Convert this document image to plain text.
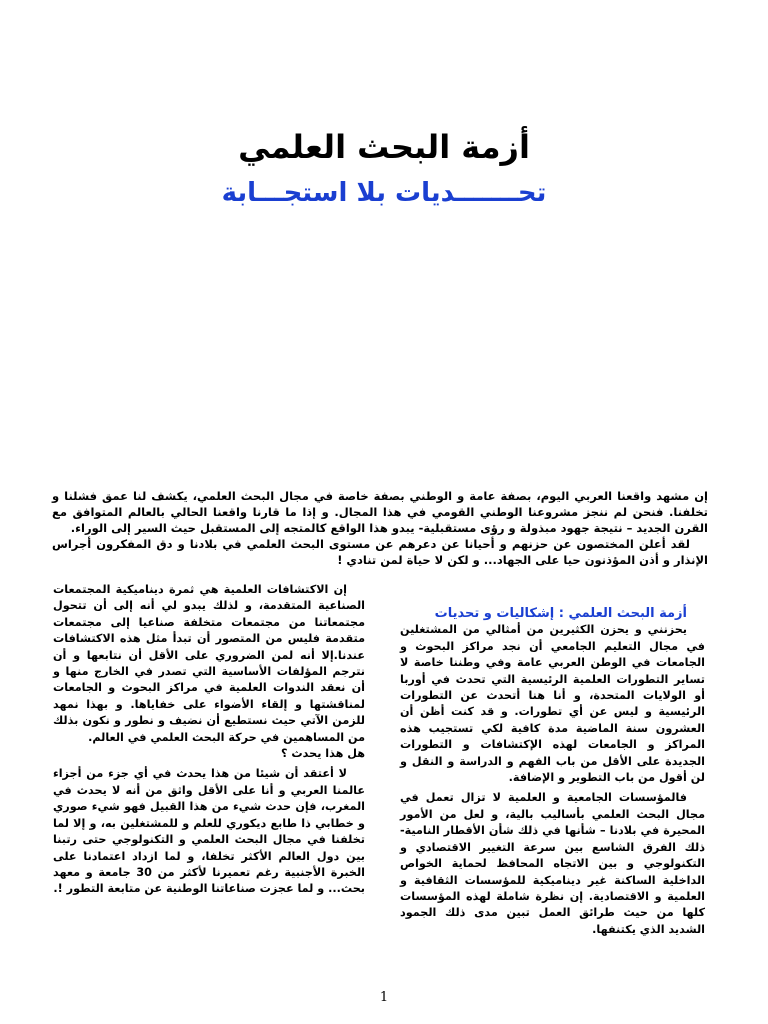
أزمة البحث العلمي
تحـــــــديات بلا استجـــابة

إن مشهد واقعنا العربي اليوم، بصفة عامة و الوطني بصفة خاصة في مجال البحث العلمي، يكشف لنا عمق فشلنا و تخلفنا. فنحن لم ننجز مشروعنا الوطني القومي في هذا المجال. و إذا ما قارنا واقعنا الحالي بالعالم المتوافق مع القرن الجديد – نتيجة جهود مبذولة و رؤى مستقبلية- يبدو هذا الواقع كالمتجه إلى المستقبل حيث السير إلى الوراء.

لقد أعلن المختصون عن حزنهم و أحيانا عن دعرهم عن مستوى البحث العلمي في بلادنا و دق المفكرون أجراس الإنذار و أذن المؤذنون حيا على الجهاد... و لكن لا حياة لمن تنادي !

أزمة البحث العلمي : إشكاليات و تحديات

يحزنني و يحزن الكثيرين من أمثالي من المشتغلين في مجال التعليم الجامعي أن نجد مراكز البحوث و الجامعات في الوطن العربي عامة وفي وطننا خاصة لا تساير التطورات العلمية الرئيسية التي تحدث في أوربا أو الولايات المتحدة، و أنا هنا أتحدث عن التطورات الرئيسية و ليس عن أي تطورات. و قد كنت أظن أن العشرون سنة الماضية مدة كافية لكي تستجيب هذه المراكز و الجامعات لهذه الإكتشافات و التطورات الجديدة على الأقل من باب الفهم و الدراسة و النقل و لن أقول من باب التطوير و الإضافة.

فالمؤسسات الجامعية و العلمية لا تزال تعمل في مجال البحث العلمي بأساليب بالية، و لعل من الأمور المحيرة في بلادنا – شأنها في ذلك شأن الأقطار النامية- ذلك الفرق الشاسع بين سرعة التغيير الاقتصادي و التكنولوجي و بين الاتجاه المحافظ لحماية الخواص الداخلية الساكنة غير ديناميكية للمؤسسات الثقافية و العلمية و الاقتصادية. إن نظرة شاملة لهذه المؤسسات كلها من حيث طرائق العمل تبين مدى ذلك الجمود الشديد الذي يكتنفها.

إن الاكتشافات العلمية هي ثمرة ديناميكية المجتمعات الصناعية المتقدمة، و لذلك يبدو لي أنه إلى أن تتحول مجتمعاتنا من مجتمعات متخلفة صناعيا إلى مجتمعات متقدمة فليس من المتصور أن تبدأ مثل هذه الاكتشافات عندنا.إلا أنه لمن الضروري على الأقل أن نتابعها و أن نترجم المؤلفات الأساسية التي تصدر في الخارج منها و أن نعقد الندوات العلمية في مراكز البحوث و الجامعات لمناقشتها و إلقاء الأضواء على خفاياها. و بهذا نمهد للزمن الآتي حيث نستطيع أن نضيف و نطور و نكون بذلك من المساهمين في حركة البحث العلمي في العالم.

هل هذا يحدث ؟

لا أعتقد أن شيئا من هذا يحدث في أي جزء من أجزاء عالمنا العربي و أنا على الأقل واثق من أنه لا يحدث في المغرب، فإن حدث شيء من هذا القبيل فهو شيء صوري و خطابي ذا طابع ديكوري للعلم و للمشتغلين به، و إلا لما تخلفنا في مجال البحث العلمي و التكنولوجي حتى رتبنا بين دول العالم الأكثر تخلفا، و لما ازداد اعتمادنا على الخبرة الأجنبية رغم تعميرنا لأكثر من 30 جامعة و معهد بحث... و لما عجزت صناعاتنا الوطنية عن متابعة التطور !.

1
